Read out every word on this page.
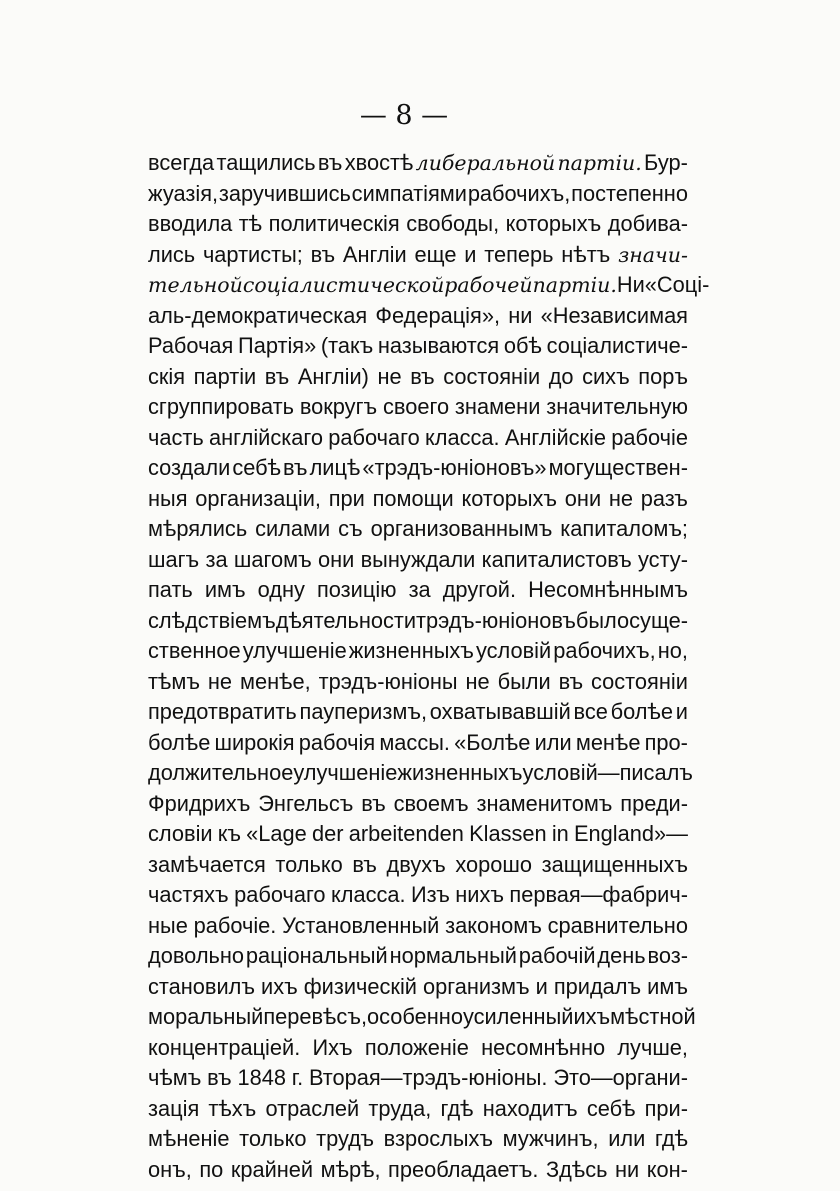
— 8 —
всегда тащились въ хвостѣ либеральной партіи. Бур-
жуазія, заручившись симпатіями рабочихъ, постепенно
вводила тѣ политическія свободы, которыхъ добива-
лись чартисты; въ Англіи еще и теперь нѣтъ значи-
тельной соціалистической рабочей партіи. Ни «Соці-
аль-демократическая Федерація», ни «Независимая
Рабочая Партія» (такъ называются обѣ соціалистиче-
скія партіи въ Англіи) не въ состояніи до сихъ поръ
сгруппировать вокругъ своего знамени значительную
часть англійскаго рабочаго класса. Англійскіе рабочіе
создали себѣ въ лицѣ «трэдъ-юніоновъ» могуществен-
ныя организаціи, при помощи которыхъ они не разъ
мѣрялись силами съ организованнымъ капиталомъ;
шагъ за шагомъ они вынуждали капиталистовъ усту-
пать имъ одну позицію за другой. Несомнѣннымъ
слѣдствіемъ дѣятельности трэдъ-юніоновъ было суще-
ственное улучшеніе жизненныхъ условій рабочихъ, но,
тѣмъ не менѣе, трэдъ-юніоны не были въ состояніи
предотвратить пауперизмъ, охватывавшій все болѣе и
болѣе широкія рабочія массы. «Болѣе или менѣе про-
должительное улучшеніе жизненныхъ условій—писалъ
Фридрихъ Энгельсъ въ своемъ знаменитомъ преди-
словіи къ «Lage der arbeitenden Klassen in England»—
замѣчается только въ двухъ хорошо защищенныхъ
частяхъ рабочаго класса. Изъ нихъ первая—фабрич-
ные рабочіе. Установленный закономъ сравнительно
довольно раціональный нормальный рабочій день воз-
становилъ ихъ физическій организмъ и придалъ имъ
моральный перевѣсъ, особенно усиленный ихъ мѣстной
концентраціей. Ихъ положеніе несомнѣнно лучше,
чѣмъ въ 1848 г. Вторая—трэдъ-юніоны. Это—органи-
зація тѣхъ отраслей труда, гдѣ находитъ себѣ при-
мѣненіе только трудъ взрослыхъ мужчинъ, или гдѣ
онъ, по крайней мѣрѣ, преобладаетъ. Здѣсь ни кон-
